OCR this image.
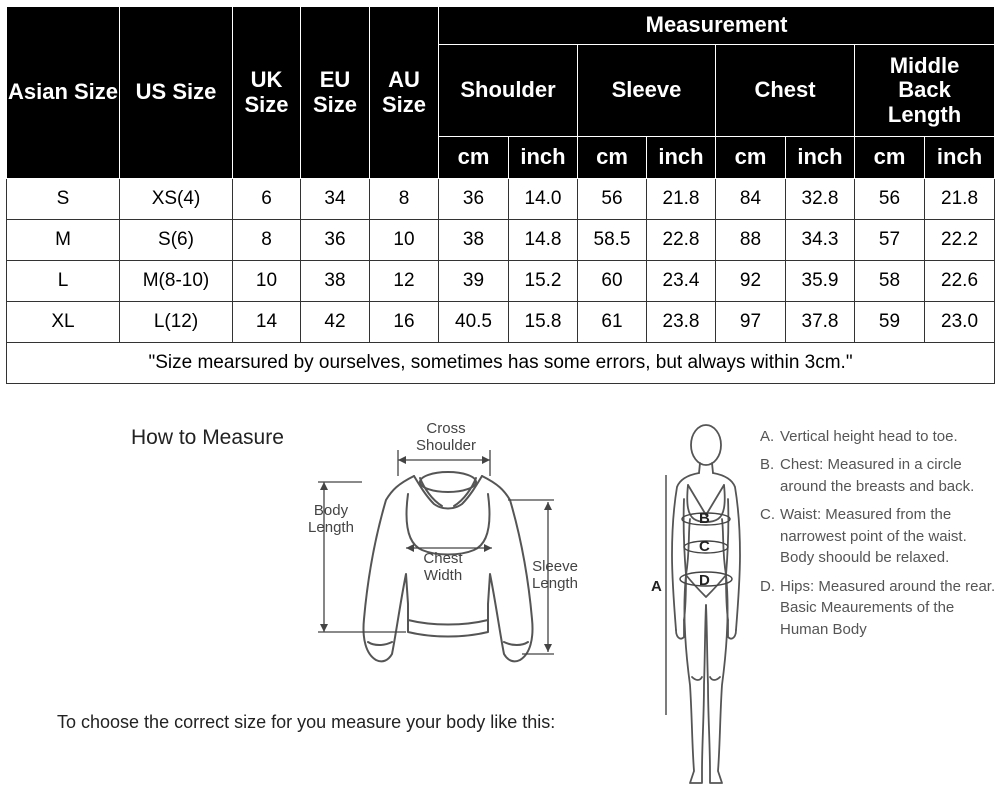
Asian Size	US Size	UK Size	EU Size	AU Size	Measurement							
					Shoulder		Sleeve		Chest		Middle Back Length	
					cm	inch	cm	inch	cm	inch	cm	inch
S	XS(4)	6	34	8	36	14.0	56	21.8	84	32.8	56	21.8
M	S(6)	8	36	10	38	14.8	58.5	22.8	88	34.3	57	22.2
L	M(8-10)	10	38	12	39	15.2	60	23.4	92	35.9	58	22.6
XL	L(12)	14	42	16	40.5	15.8	61	23.8	97	37.8	59	23.0
"Size mearsured by ourselves, sometimes has some errors, but always within 3cm."												
How to Measure	Cross Shoulder
Body Length
Chest Width
Sleeve Length
B
C
A D
A. Vertical height head to toe.
B. Chest: Measured in a circle around the breasts and back.
C. Waist: Measured from the narrowest point of the waist. Body shoould be relaxed.
D. Hips: Measured around the rear. Basic Meaurements of the Human Body
To choose the correct size for you measure your body like this:
